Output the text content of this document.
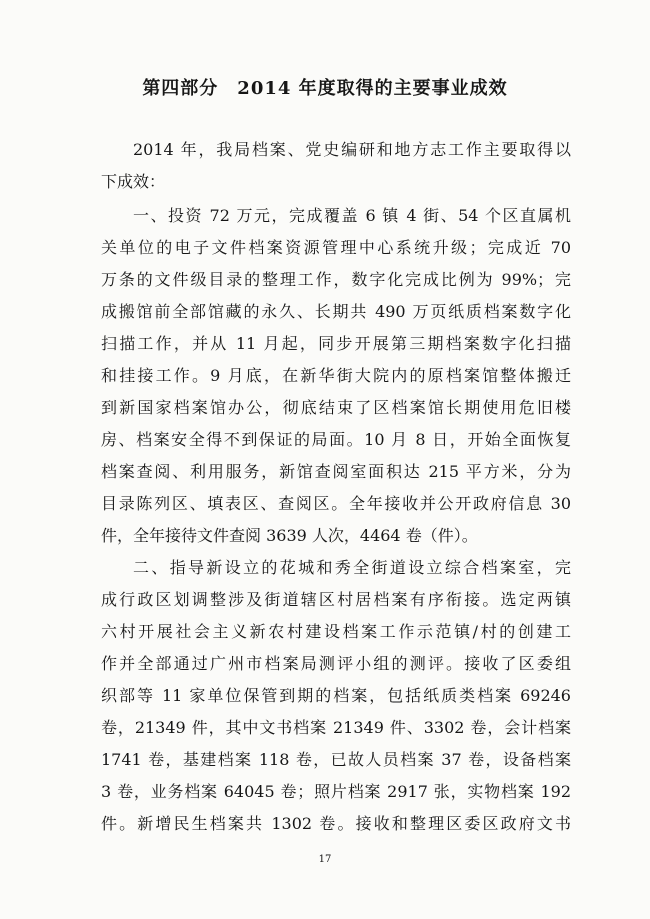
第四部分　2014 年度取得的主要事业成效
2014 年，我局档案、党史编研和地方志工作主要取得以
下成效：
一、投资 72 万元，完成覆盖 6 镇 4 街、54 个区直属机
关单位的电子文件档案资源管理中心系统升级；完成近 70
万条的文件级目录的整理工作，数字化完成比例为 99%；完
成搬馆前全部馆藏的永久、长期共 490 万页纸质档案数字化
扫描工作，并从 11 月起，同步开展第三期档案数字化扫描
和挂接工作。9 月底，在新华街大院内的原档案馆整体搬迁
到新国家档案馆办公，彻底结束了区档案馆长期使用危旧楼
房、档案安全得不到保证的局面。10 月 8 日，开始全面恢复
档案查阅、利用服务，新馆查阅室面积达 215 平方米，分为
目录陈列区、填表区、查阅区。全年接收并公开政府信息 30
件，全年接待文件查阅 3639 人次，4464 卷（件）。
二、指导新设立的花城和秀全街道设立综合档案室，完
成行政区划调整涉及街道辖区村居档案有序衔接。选定两镇
六村开展社会主义新农村建设档案工作示范镇/村的创建工
作并全部通过广州市档案局测评小组的测评。接收了区委组
织部等 11 家单位保管到期的档案，包括纸质类档案 69246
卷，21349 件，其中文书档案 21349 件、3302 卷，会计档案
1741 卷，基建档案 118 卷，已故人员档案 37 卷，设备档案
3 卷，业务档案 64045 卷；照片档案 2917 张，实物档案 192
件。新增民生档案共 1302 卷。接收和整理区委区政府文书
17
